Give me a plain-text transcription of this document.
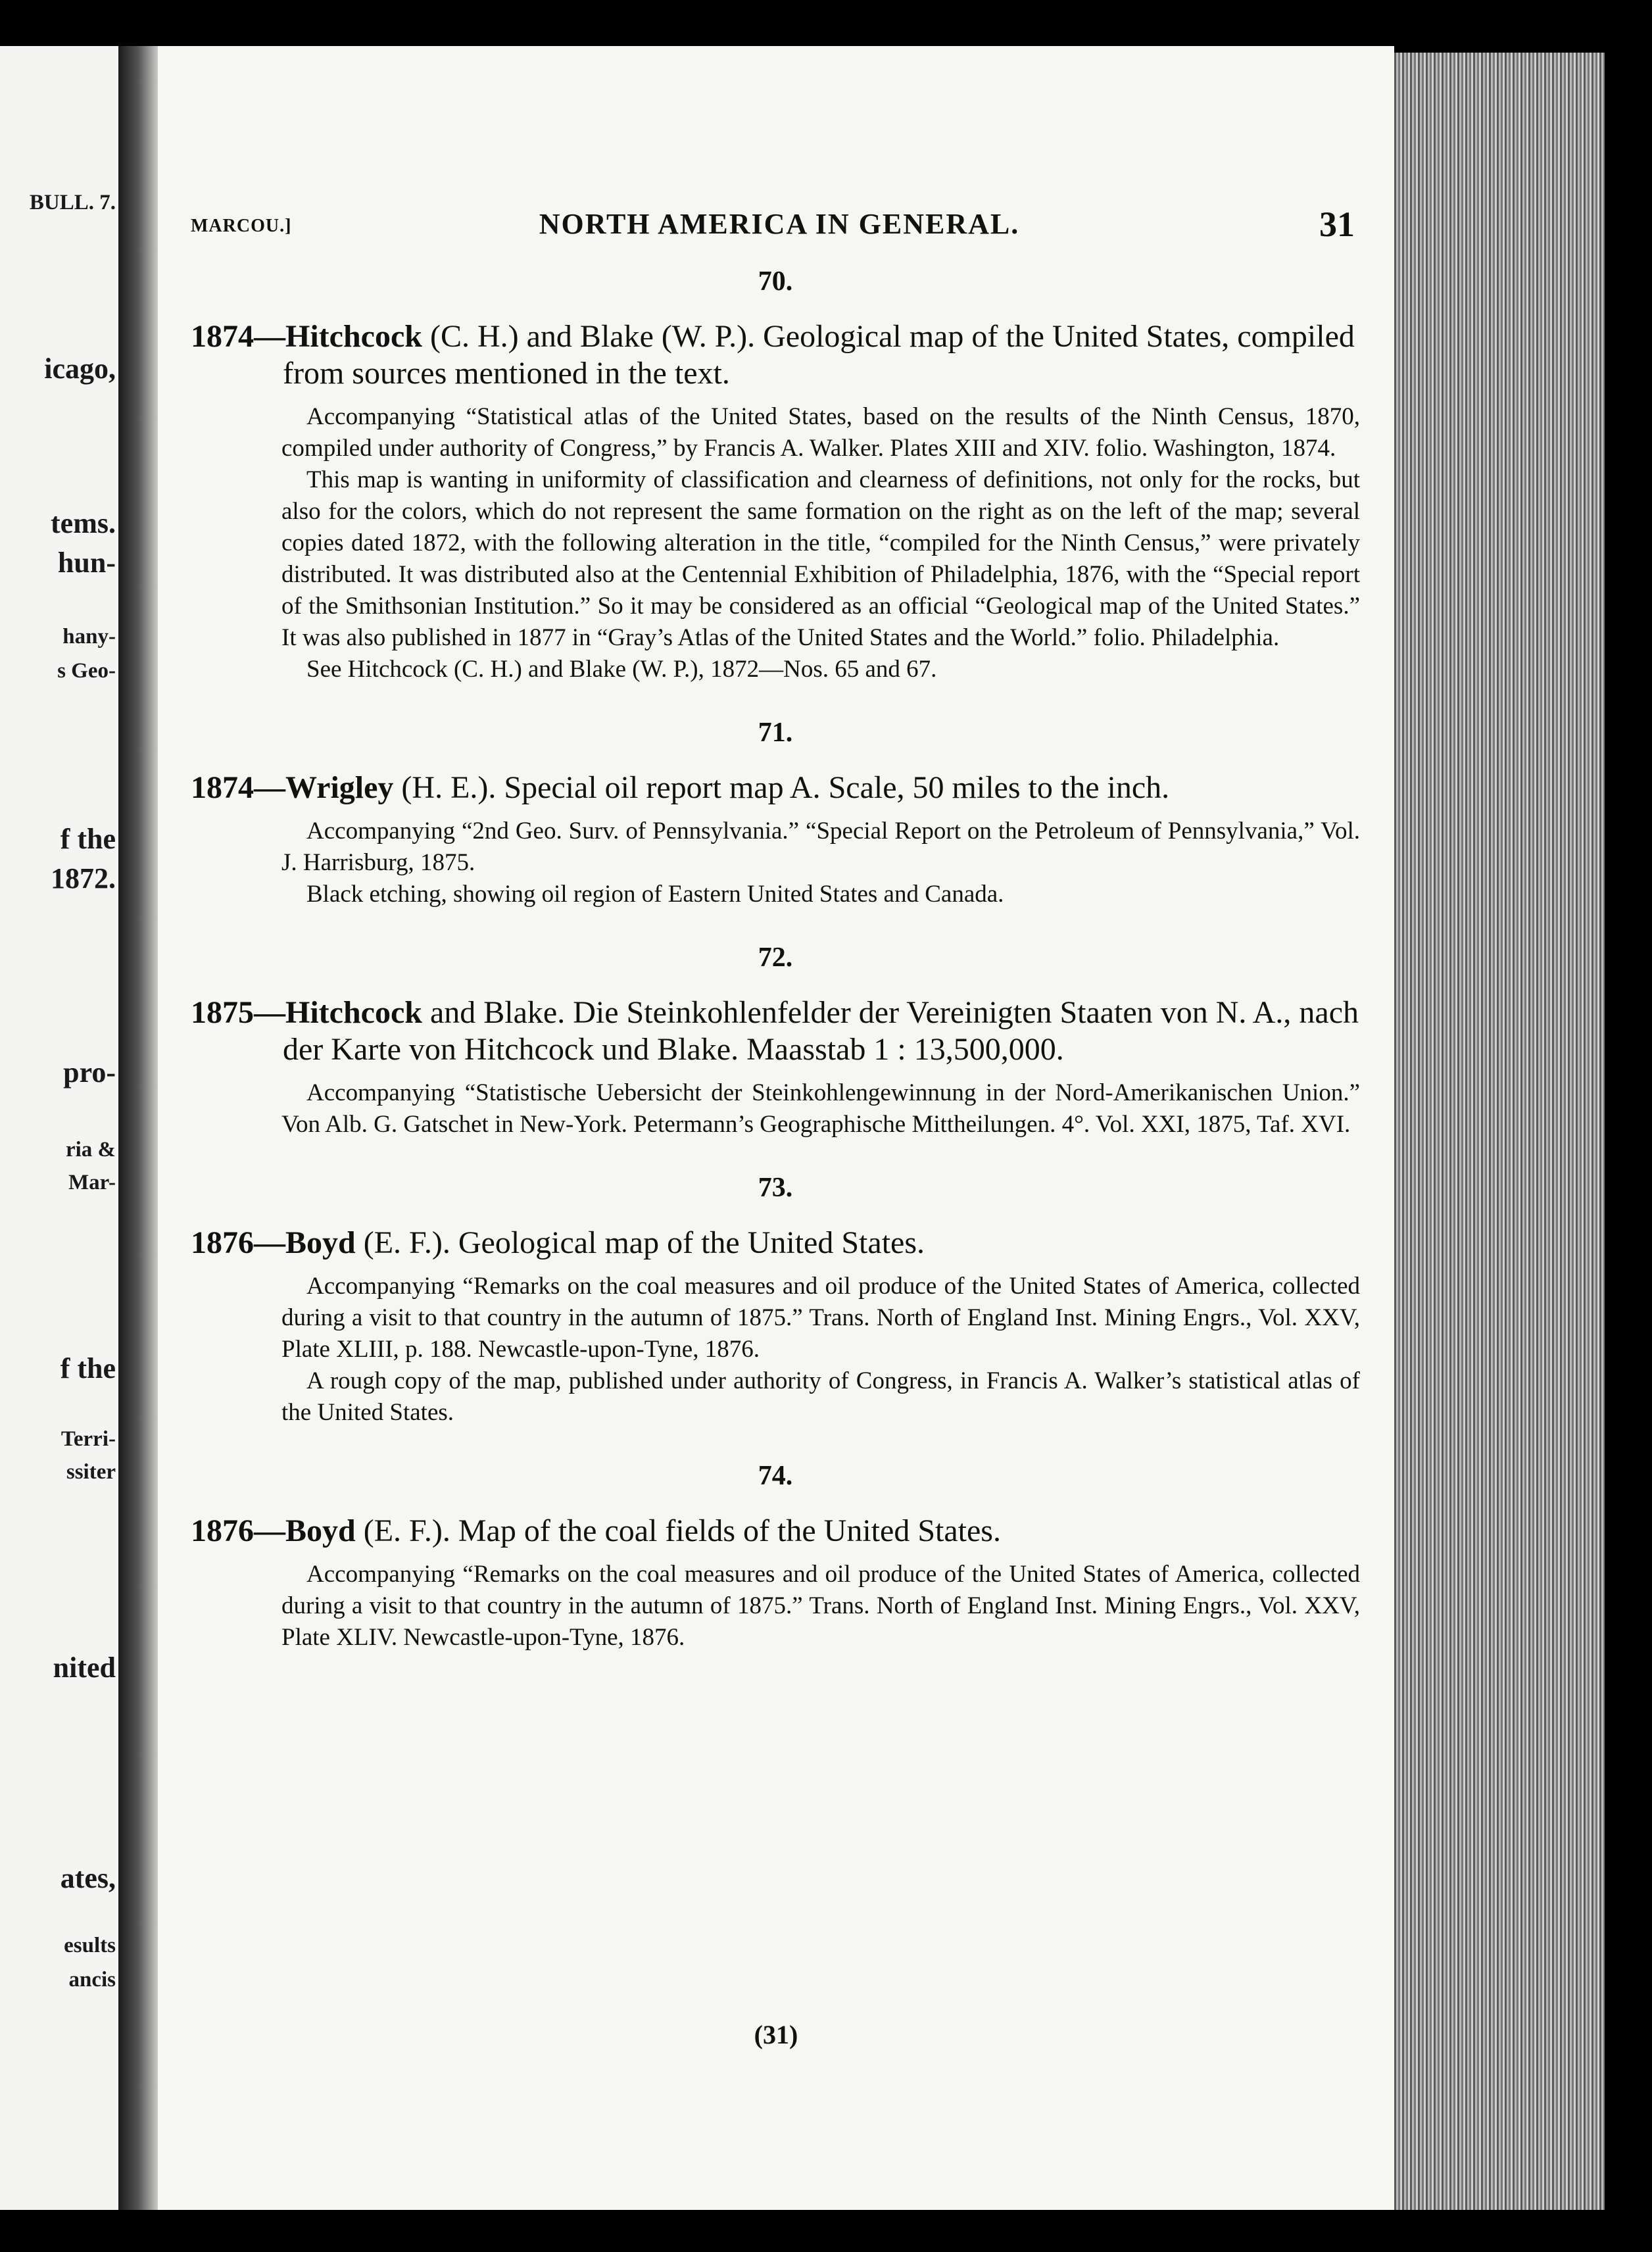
BULL. 7.
icago,
tems.
hun-
hany-
s Geo-
f the
1872.
pro-
ria &
Mar-
f the
Terri-
ssiter
nited
ates,
esults
ancis
MARCOU.]	NORTH AMERICA IN GENERAL.	31
70.

1874—Hitchcock (C. H.) and Blake (W. P.). Geological map of the United States, compiled from sources mentioned in the text.

Accompanying “Statistical atlas of the United States, based on the results of the Ninth Census, 1870, compiled under authority of Congress,” by Francis A. Walker. Plates XIII and XIV. folio. Washington, 1874.

This map is wanting in uniformity of classification and clearness of definitions, not only for the rocks, but also for the colors, which do not represent the same formation on the right as on the left of the map; several copies dated 1872, with the following alteration in the title, “compiled for the Ninth Census,” were privately distributed. It was distributed also at the Centennial Exhibition of Philadelphia, 1876, with the “Special report of the Smithsonian Institution.” So it may be considered as an official “Geological map of the United States.” It was also published in 1877 in “Gray’s Atlas of the United States and the World.” folio. Philadelphia.

See Hitchcock (C. H.) and Blake (W. P.), 1872—Nos. 65 and 67.

71.

1874—Wrigley (H. E.). Special oil report map A. Scale, 50 miles to the inch.

Accompanying “2nd Geo. Surv. of Pennsylvania.” “Special Report on the Petroleum of Pennsylvania,” Vol. J. Harrisburg, 1875.

Black etching, showing oil region of Eastern United States and Canada.

72.

1875—Hitchcock and Blake. Die Steinkohlenfelder der Vereinigten Staaten von N. A., nach der Karte von Hitchcock und Blake. Maasstab 1 : 13,500,000.

Accompanying “Statistische Uebersicht der Steinkohlengewinnung in der Nord-Amerikanischen Union.” Von Alb. G. Gatschet in New-York. Petermann’s Geographische Mittheilungen. 4°. Vol. XXI, 1875, Taf. XVI.

73.

1876—Boyd (E. F.). Geological map of the United States.

Accompanying “Remarks on the coal measures and oil produce of the United States of America, collected during a visit to that country in the autumn of 1875.” Trans. North of England Inst. Mining Engrs., Vol. XXV, Plate XLIII, p. 188. Newcastle-upon-Tyne, 1876.

A rough copy of the map, published under authority of Congress, in Francis A. Walker’s statistical atlas of the United States.

74.

1876—Boyd (E. F.). Map of the coal fields of the United States.

Accompanying “Remarks on the coal measures and oil produce of the United States of America, collected during a visit to that country in the autumn of 1875.” Trans. North of England Inst. Mining Engrs., Vol. XXV, Plate XLIV. Newcastle-upon-Tyne, 1876.

(31)
